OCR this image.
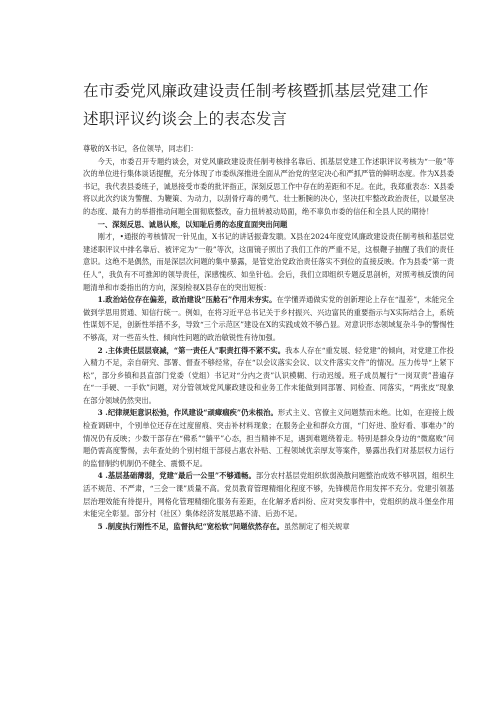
在市委党风廉政建设责任制考核暨抓基层党建工作
述职评议约谈会上的表态发言

尊敬的X书记，各位领导，同志们：

今天，市委召开专题约谈会，对党风廉政建设责任制考核排名靠后、抓基层党建工作述职评议考核为“一般”等次的单位进行集体谈话提醒，充分体现了市委纵深推进全面从严治党的坚定决心和严抓严管的鲜明态度。作为X县委书记，我代表县委班子，诚恳接受市委的批评指正，深刻反思工作中存在的差距和不足。在此，我郑重表态：X县委将以此次约谈为警醒、为鞭策、为动力，以刮骨疗毒的勇气、壮士断腕的决心，坚决扛牢整改政治责任，以最坚决的态度、最有力的举措推动问题全面彻底整改，奋力扭转被动局面，绝不辜负市委的信任和全县人民的期待！

一、深刻反思、诚恳认账，以知耻后勇的态度直面突出问题

刚才，•通报的考核情况一针见血，X书记的讲话振聋发聩。X县在2024年度党风廉政建设责任制考核和基层党建述职评议中排名靠后、被评定为“一般”等次，这面镜子照出了我们工作的严重不足，这根鞭子抽醒了我们的责任意识。这绝不是偶然，而是深层次问题的集中暴露，是管党治党政治责任落实不到位的直接反映。作为县委“第一责任人”，我负有不可推卸的领导责任，深感愧疚、如坐针毡。会后，我们立即组织专题反思剖析，对照考核反馈的问题清单和市委指出的方向，深刻检视X县存在的突出短板：

1.政治站位存在偏差，政治建设“压舱石”作用未夯实。在学懂弄通做实党的创新理论上存在“温差”，未能完全做到学思用贯通、知信行统一。例如，在将习近平总书记关于乡村振兴、兴边富民的重要指示与X实际结合上，系统性谋划不足，创新性举措不多，导致“三个示范区”建设在X的实践成效不够凸显。对意识形态领域复杂斗争的警惕性不够高，对一些苗头性、倾向性问题的政治敏锐性有待加强。

2 .主体责任层层衰减，“第一责任人”职责扛得不紧不实。我本人存在“重发展、轻党建”的倾向，对党建工作投入精力不足，亲自研究、部署、督查不够经常，存在“以会议落实会议、以文件落实文件”的情况。压力传导“上紧下松”，部分乡镇和县直部门党委（党组）书记对“分内之责”认识模糊、行动迟缓。班子成员履行“一岗双责”普遍存在“一手硬、一手软”问题，对分管领域党风廉政建设和业务工作未能做到同部署、同检查、同落实，“两张皮”现象在部分领域仍然突出。

3 .纪律规矩意识松弛，作风建设“顽瘴痼疾”仍未根治。形式主义、官僚主义问题禁而未绝。比如，在迎接上级检查调研中，个别单位还存在过度留痕、突击补材料现象；在服务企业和群众方面，“门好进、脸好看、事难办”的情况仍有反映；少数干部存在“佛系”“躺平”心态，担当精神不足，遇到难题绕着走。特别是群众身边的“微腐败”问题仍需高度警惕，去年查处的个别村组干部侵占惠农补贴、工程领域优亲厚友等案件，暴露出我们对基层权力运行的监督制约机制仍不健全、震慑不足。

4 .基层基础薄弱，党建“最后一公里”不够通畅。部分农村基层党组织软弱涣散问题整治成效不够巩固，组织生活不规范、不严肃，“三会一课”质量不高。党员教育管理精细化程度不够，先锋模范作用发挥不充分。党建引领基层治理效能有待提升，网格化管理精细化服务有差距，在化解矛盾纠纷、应对突发事件中，党组织的战斗堡垒作用未能完全彰显。部分村（社区）集体经济发展思路不清、后劲不足。

5 .制度执行刚性不足，监督执纪“宽松软”问题依然存在。虽然制定了相关规章
